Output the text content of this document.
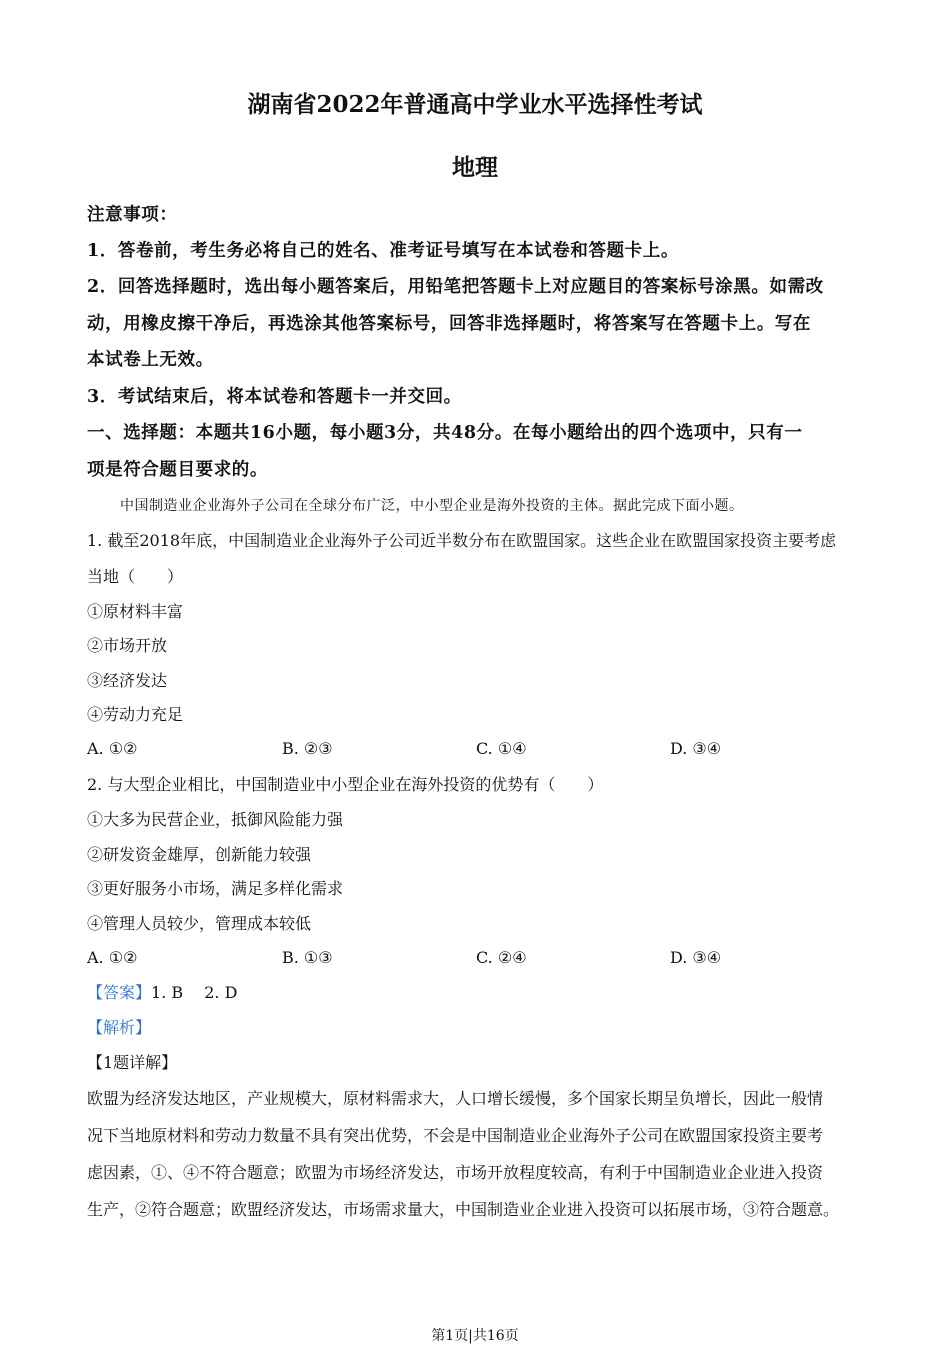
湖南省2022年普通高中学业水平选择性考试
地理
注意事项：
1．答卷前，考生务必将自己的姓名、准考证号填写在本试卷和答题卡上。
2．回答选择题时，选出每小题答案后，用铅笔把答题卡上对应题目的答案标号涂黑。如需改
动，用橡皮擦干净后，再选涂其他答案标号，回答非选择题时，将答案写在答题卡上。写在
本试卷上无效。
3．考试结束后，将本试卷和答题卡一并交回。
一、选择题：本题共16小题，每小题3分，共48分。在每小题给出的四个选项中，只有一
项是符合题目要求的。
中国制造业企业海外子公司在全球分布广泛，中小型企业是海外投资的主体。据此完成下面小题。
1. 截至2018年底，中国制造业企业海外子公司近半数分布在欧盟国家。这些企业在欧盟国家投资主要考虑
当地（　　）
①原材料丰富
②市场开放
③经济发达
④劳动力充足
A. ①②	B. ②③	C. ①④	D. ③④
2. 与大型企业相比，中国制造业中小型企业在海外投资的优势有（　　）
①大多为民营企业，抵御风险能力强
②研发资金雄厚，创新能力较强
③更好服务小市场，满足多样化需求
④管理人员较少，管理成本较低
A. ①②	B. ①③	C. ②④	D. ③④
【答案】1. B　 2. D
【解析】
【1题详解】
欧盟为经济发达地区，产业规模大，原材料需求大，人口增长缓慢，多个国家长期呈负增长，因此一般情
况下当地原材料和劳动力数量不具有突出优势，不会是中国制造业企业海外子公司在欧盟国家投资主要考
虑因素，①、④不符合题意；欧盟为市场经济发达，市场开放程度较高，有利于中国制造业企业进入投资
生产，②符合题意；欧盟经济发达，市场需求量大，中国制造业企业进入投资可以拓展市场，③符合题意。
第1页|共16页
